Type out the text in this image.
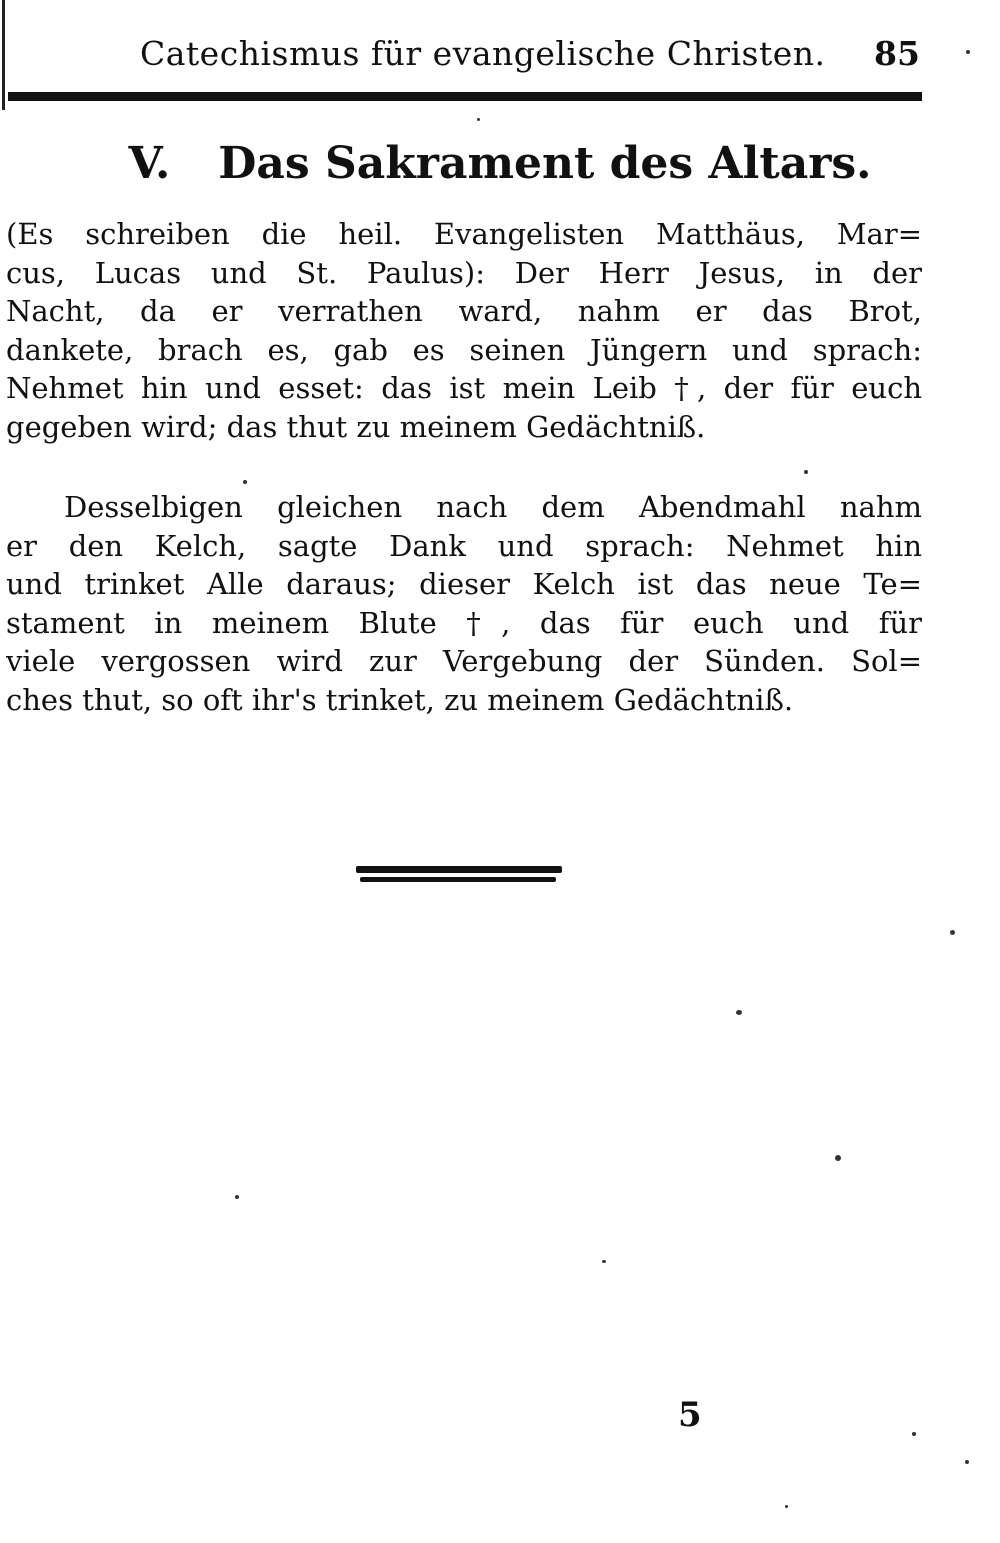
Catechismus für evangelische Christen. 85
V. Das Sakrament des Altars.
(Es schreiben die heil. Evangelisten Matthäus, Mar=
cus, Lucas und St. Paulus): Der Herr Jesus, in der
Nacht, da er verrathen ward, nahm er das Brot,
dankete, brach es, gab es seinen Jüngern und sprach:
Nehmet hin und esset: das ist mein Leib †, der für euch
gegeben wird; das thut zu meinem Gedächtniß.
Desselbigen gleichen nach dem Abendmahl nahm
er den Kelch, sagte Dank und sprach: Nehmet hin
und trinket Alle daraus; dieser Kelch ist das neue Te=
stament in meinem Blute †, das für euch und für
viele vergossen wird zur Vergebung der Sünden. Sol=
ches thut, so oft ihr's trinket, zu meinem Gedächtniß.
5
